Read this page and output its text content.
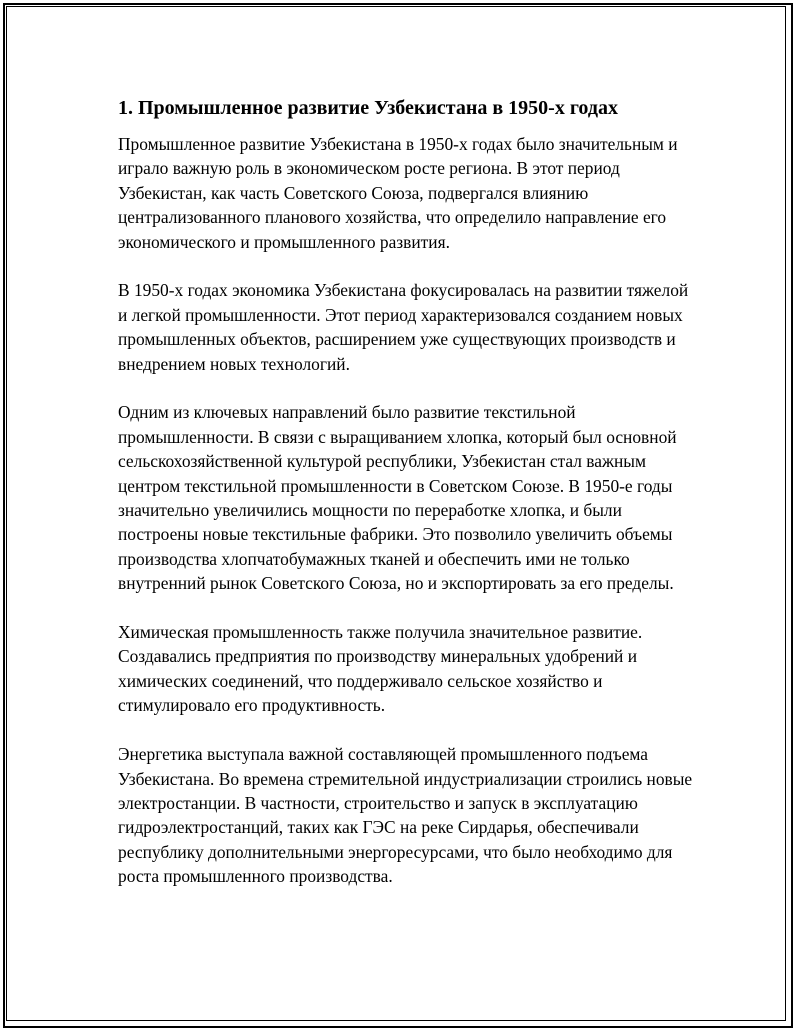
1. Промышленное развитие Узбекистана в 1950-х годах

Промышленное развитие Узбекистана в 1950-х годах было значительным и играло важную роль в экономическом росте региона. В этот период Узбекистан, как часть Советского Союза, подвергался влиянию централизованного планового хозяйства, что определило направление его экономического и промышленного развития.

В 1950-х годах экономика Узбекистана фокусировалась на развитии тяжелой и легкой промышленности. Этот период характеризовался созданием новых промышленных объектов, расширением уже существующих производств и внедрением новых технологий.

Одним из ключевых направлений было развитие текстильной промышленности. В связи с выращиванием хлопка, который был основной сельскохозяйственной культурой республики, Узбекистан стал важным центром текстильной промышленности в Советском Союзе. В 1950-е годы значительно увеличились мощности по переработке хлопка, и были построены новые текстильные фабрики. Это позволило увеличить объемы производства хлопчатобумажных тканей и обеспечить ими не только внутренний рынок Советского Союза, но и экспортировать за его пределы.

Химическая промышленность также получила значительное развитие. Создавались предприятия по производству минеральных удобрений и химических соединений, что поддерживало сельское хозяйство и стимулировало его продуктивность.

Энергетика выступала важной составляющей промышленного подъема Узбекистана. Во времена стремительной индустриализации строились новые электростанции. В частности, строительство и запуск в эксплуатацию гидроэлектростанций, таких как ГЭС на реке Сирдарья, обеспечивали республику дополнительными энергоресурсами, что было необходимо для роста промышленного производства.
